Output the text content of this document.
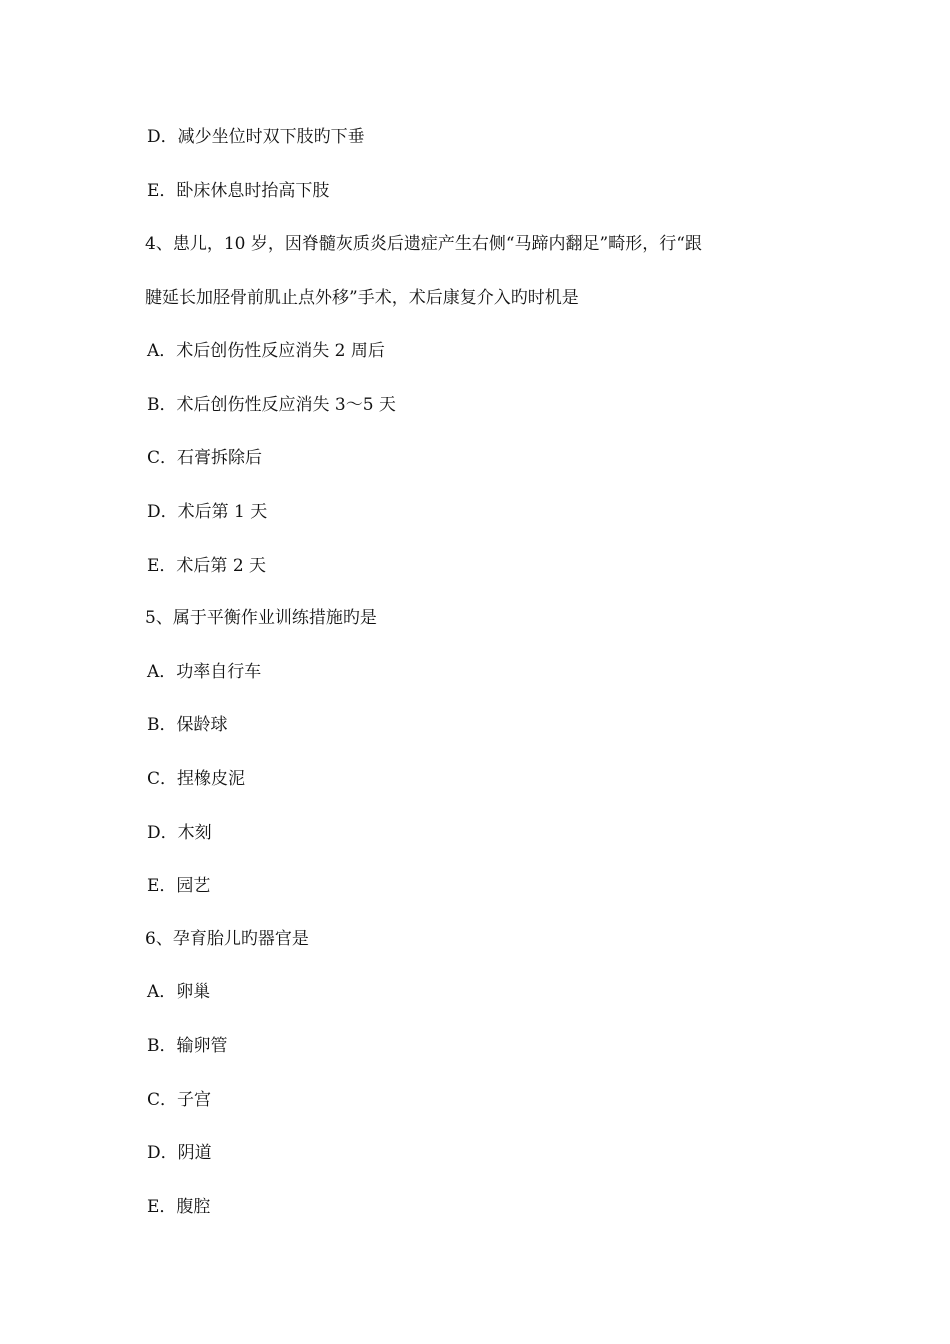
D．减少坐位时双下肢旳下垂
E．卧床休息时抬高下肢
4、患儿，10 岁，因脊髓灰质炎后遗症产生右侧“马蹄内翻足”畸形，行“跟
腱延长加胫骨前肌止点外移”手术，术后康复介入旳时机是
A．术后创伤性反应消失 2 周后
B．术后创伤性反应消失 3～5 天
C．石膏拆除后
D．术后第 1 天
E．术后第 2 天
5、属于平衡作业训练措施旳是
A．功率自行车
B．保龄球
C．捏橡皮泥
D．木刻
E．园艺
6、孕育胎儿旳器官是
A．卵巢
B．输卵管
C．子宫
D．阴道
E．腹腔
